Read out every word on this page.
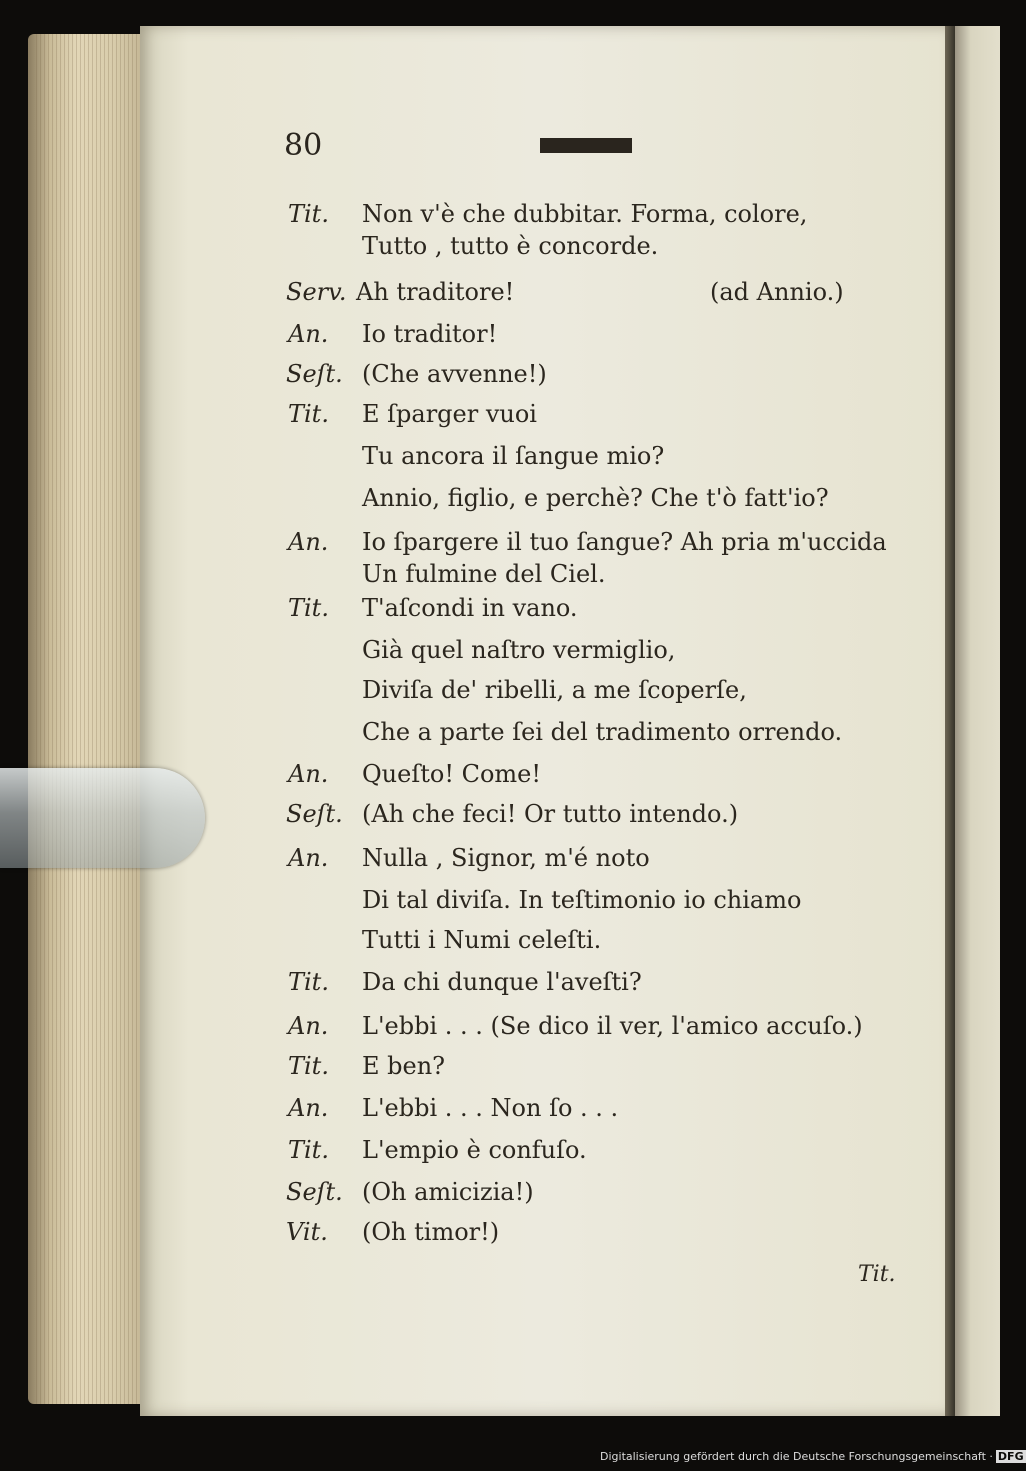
80
Tit. Non v'è che dubbitar. Forma, colore,
Tutto , tutto è concorde.
Serv. Ah traditore!	(ad Annio.)
An. Io traditor!
Seſt. (Che avvenne!)
Tit. E ſparger vuoi
Tu ancora il ſangue mio?
Annio, figlio, e perchè? Che t'ò fatt'io?
An. Io ſpargere il tuo ſangue? Ah pria m'uccida
Un fulmine del Ciel.
Tit. T'aſcondi in vano.
Già quel naſtro vermiglio,
Diviſa de' ribelli, a me ſcoperſe,
Che a parte ſei del tradimento orrendo.
An. Queſto! Come!
Seſt. (Ah che feci! Or tutto intendo.)
An. Nulla , Signor, m'é noto
Di tal diviſa. In teſtimonio io chiamo
Tutti i Numi celeſti.
Tit. Da chi dunque l'aveſti?
An. L'ebbi . . . (Se dico il ver, l'amico accuſo.)
Tit. E ben?
An. L'ebbi . . . Non ſo . . .
Tit. L'empio è confuſo.
Seſt. (Oh amicizia!)
Vit. (Oh timor!)
Tit.
Digitalisierung gefördert durch die Deutsche Forschungsgemeinschaft · DFG
